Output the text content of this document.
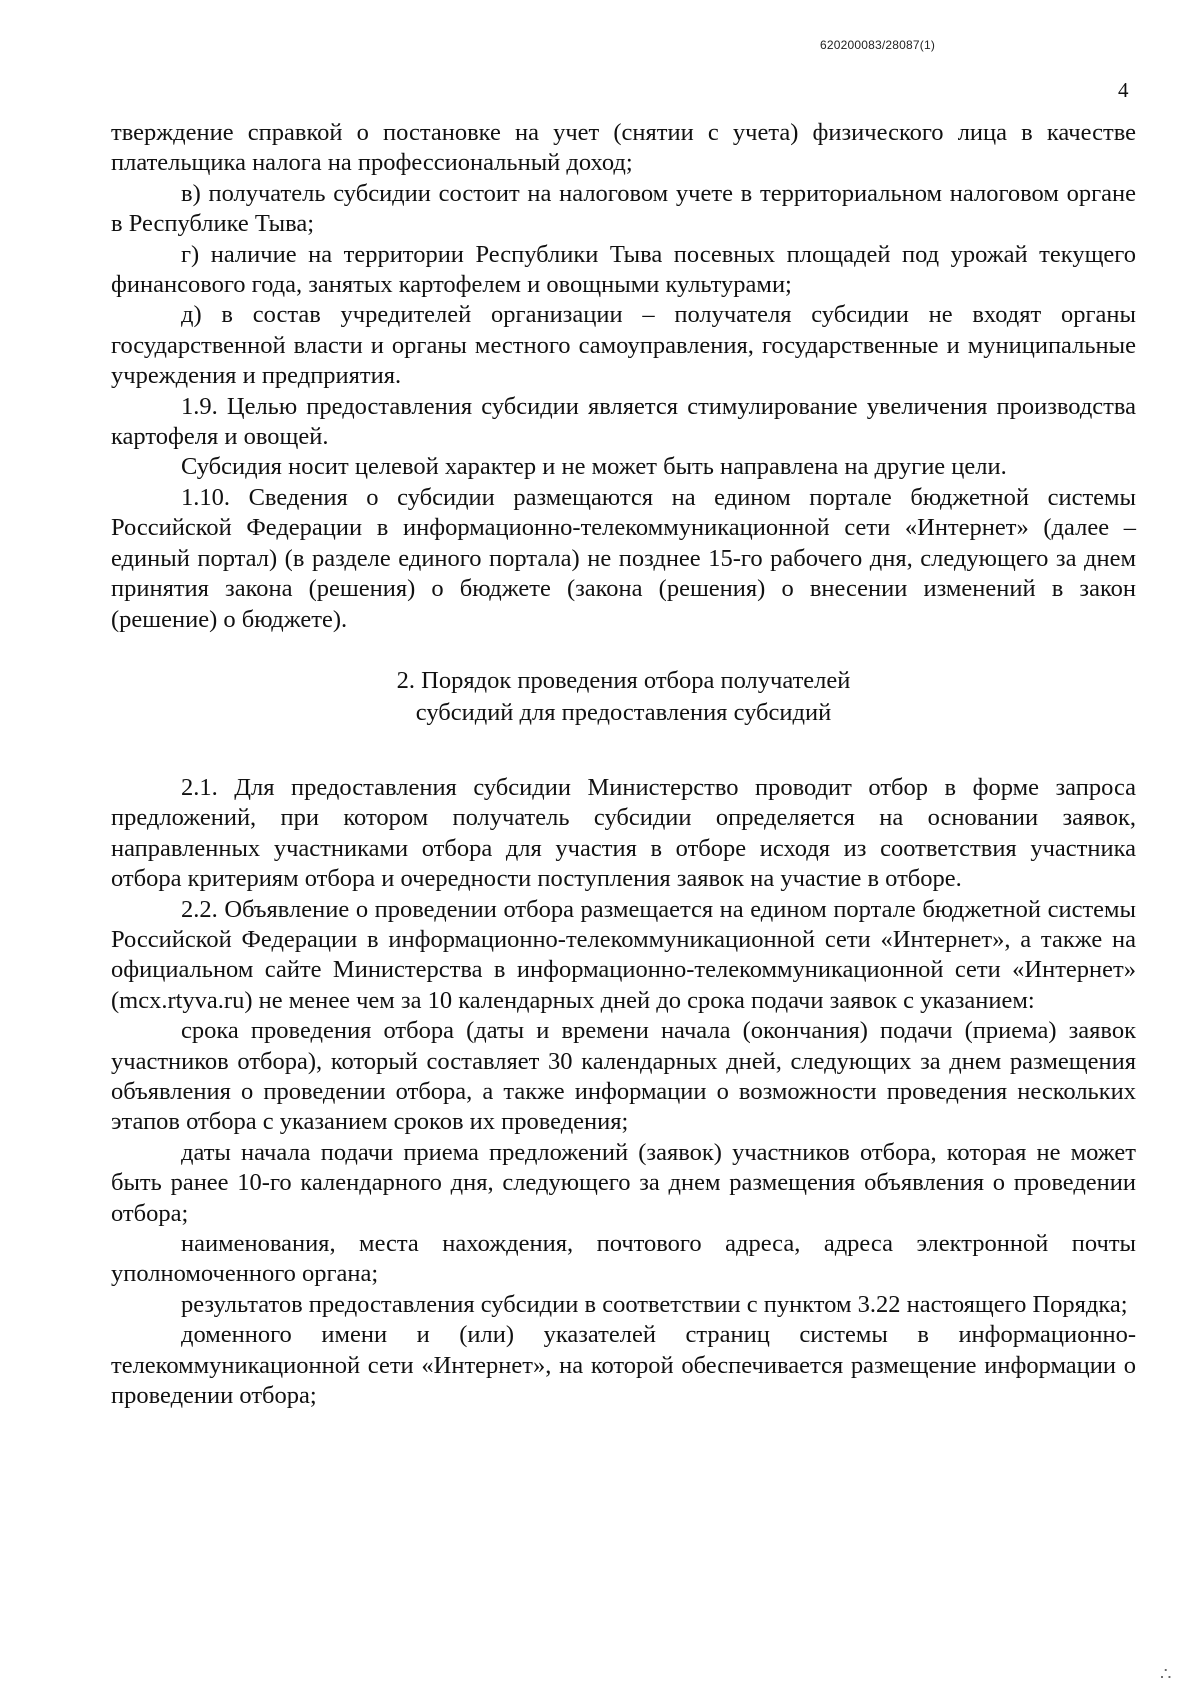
620200083/28087(1)
4

тверждение справкой о постановке на учет (снятии с учета) физического лица в качестве плательщика налога на профессиональный доход;

в) получатель субсидии состоит на налоговом учете в территориальном налоговом органе в Республике Тыва;

г) наличие на территории Республики Тыва посевных площадей под урожай текущего финансового года, занятых картофелем и овощными культурами;

д) в состав учредителей организации – получателя субсидии не входят органы государственной власти и органы местного самоуправления, государственные и муниципальные учреждения и предприятия.

1.9. Целью предоставления субсидии является стимулирование увеличения производства картофеля и овощей.

Субсидия носит целевой характер и не может быть направлена на другие цели.

1.10. Сведения о субсидии размещаются на едином портале бюджетной системы Российской Федерации в информационно-телекоммуникационной сети «Интернет» (далее – единый портал) (в разделе единого портала) не позднее 15-го рабочего дня, следующего за днем принятия закона (решения) о бюджете (закона (решения) о внесении изменений в закон (решение) о бюджете).

2. Порядок проведения отбора получателей
субсидий для предоставления субсидий

2.1. Для предоставления субсидии Министерство проводит отбор в форме запроса предложений, при котором получатель субсидии определяется на основании заявок, направленных участниками отбора для участия в отборе исходя из соответствия участника отбора критериям отбора и очередности поступления заявок на участие в отборе.

2.2. Объявление о проведении отбора размещается на едином портале бюджетной системы Российской Федерации в информационно-телекоммуникационной сети «Интернет», а также на официальном сайте Министерства в информационно-телекоммуникационной сети «Интернет» (mcx.rtyva.ru) не менее чем за 10 календарных дней до срока подачи заявок с указанием:

срока проведения отбора (даты и времени начала (окончания) подачи (приема) заявок участников отбора), который составляет 30 календарных дней, следующих за днем размещения объявления о проведении отбора, а также информации о возможности проведения нескольких этапов отбора с указанием сроков их проведения;

даты начала подачи приема предложений (заявок) участников отбора, которая не может быть ранее 10-го календарного дня, следующего за днем размещения объявления о проведении отбора;

наименования, места нахождения, почтового адреса, адреса электронной почты уполномоченного органа;

результатов предоставления субсидии в соответствии с пунктом 3.22 настоящего Порядка;

доменного имени и (или) указателей страниц системы в информационно-телекоммуникационной сети «Интернет», на которой обеспечивается размещение информации о проведении отбора;

∴
